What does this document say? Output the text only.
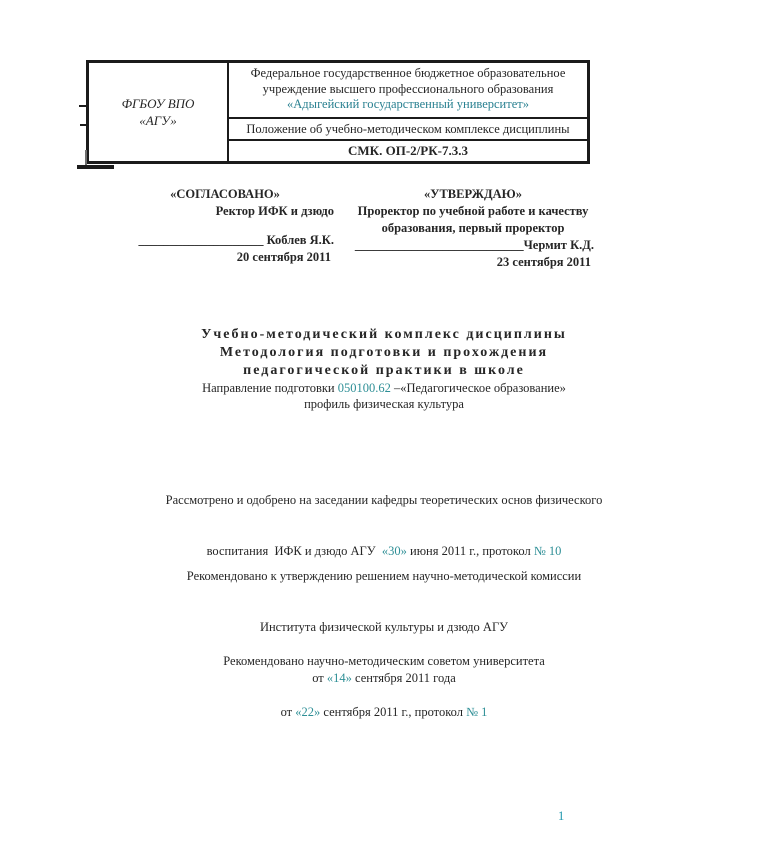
ФГБОУ ВПО
«АГУ»
Федеральное государственное бюджетное образовательное
учреждение высшего профессионального образования
«Адыгейский государственный университет»
Положение об учебно-методическом комплексе дисциплины
СМК. ОП-2/РК-7.3.3
«СОГЛАСОВАНО»
Ректор ИФК и дзюдо
____________________ Коблев Я.К.
20 сентября 2011
«УТВЕРЖДАЮ»
Проректор по учебной работе и качеству
образования, первый проректор
___________________________Чермит К.Д.
23 сентября 2011
Учебно-методический комплекс дисциплины
Методология подготовки и прохождения
педагогической практики в школе
Направление подготовки 050100.62 –«Педагогическое образование»
профиль физическая культура

Рассмотрено и одобрено на заседании кафедры теоретических основ физического

воспитания  ИФК и дзюдо АГУ  «30» июня 2011 г., протокол № 10

Рекомендовано к утверждению решением научно-методической комиссии

Института физической культуры и дзюдо АГУ

от «14» сентября 2011 года

Рекомендовано научно-методическим советом университета

от «22» сентября 2011 г., протокол № 1

1
